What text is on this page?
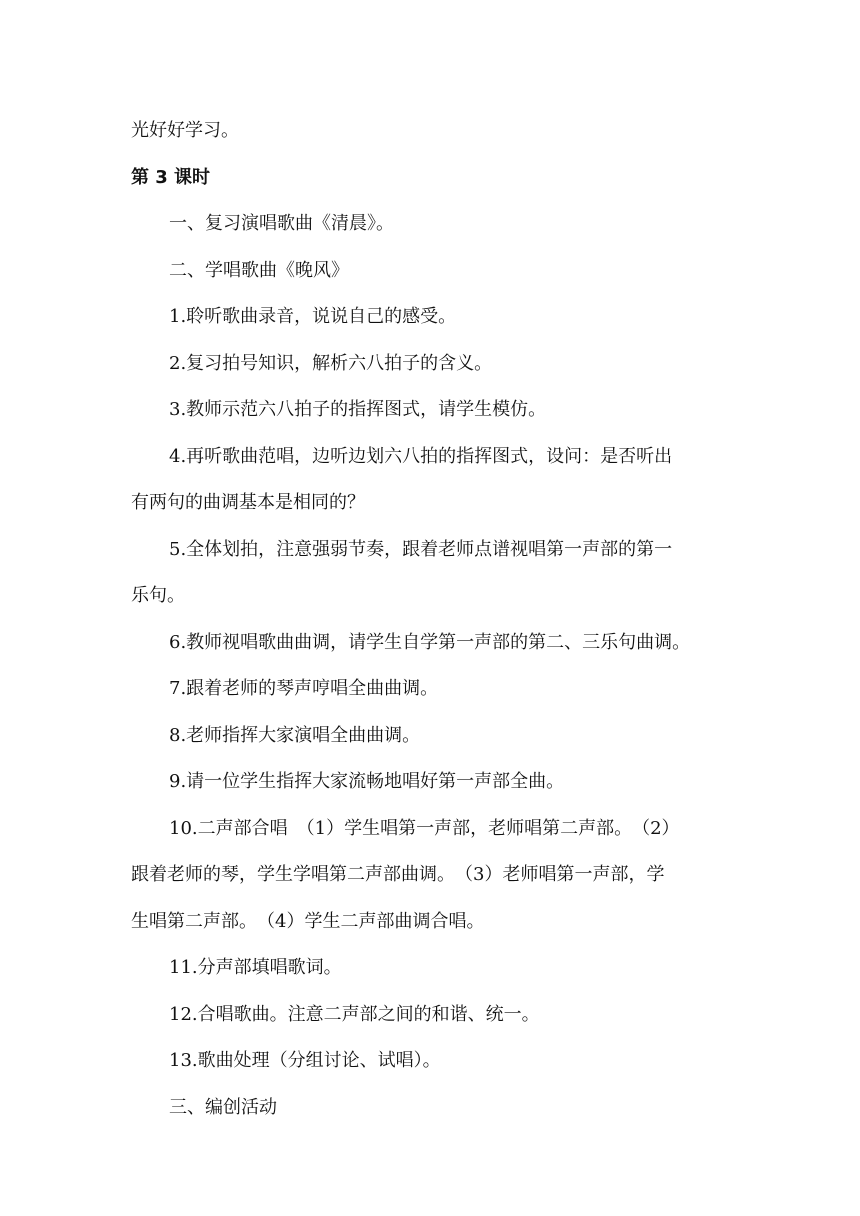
光好好学习。
第 3 课时
一、复习演唱歌曲《清晨》。
二、学唱歌曲《晚风》
1.聆听歌曲录音，说说自己的感受。
2.复习拍号知识，解析六八拍子的含义。
3.教师示范六八拍子的指挥图式，请学生模仿。
4.再听歌曲范唱，边听边划六八拍的指挥图式，设问：是否听出
有两句的曲调基本是相同的？
5.全体划拍，注意强弱节奏，跟着老师点谱视唱第一声部的第一
乐句。
6.教师视唱歌曲曲调，请学生自学第一声部的第二、三乐句曲调。
7.跟着老师的琴声哼唱全曲曲调。
8.老师指挥大家演唱全曲曲调。
9.请一位学生指挥大家流畅地唱好第一声部全曲。
10.二声部合唱　（1）学生唱第一声部，老师唱第二声部。　（2）
跟着老师的琴，学生学唱第二声部曲调。　（3）老师唱第一声部，学
生唱第二声部。　（4）学生二声部曲调合唱。
11.分声部填唱歌词。
12.合唱歌曲。注意二声部之间的和谐、统一。
13.歌曲处理（分组讨论、试唱）。
三、编创活动
